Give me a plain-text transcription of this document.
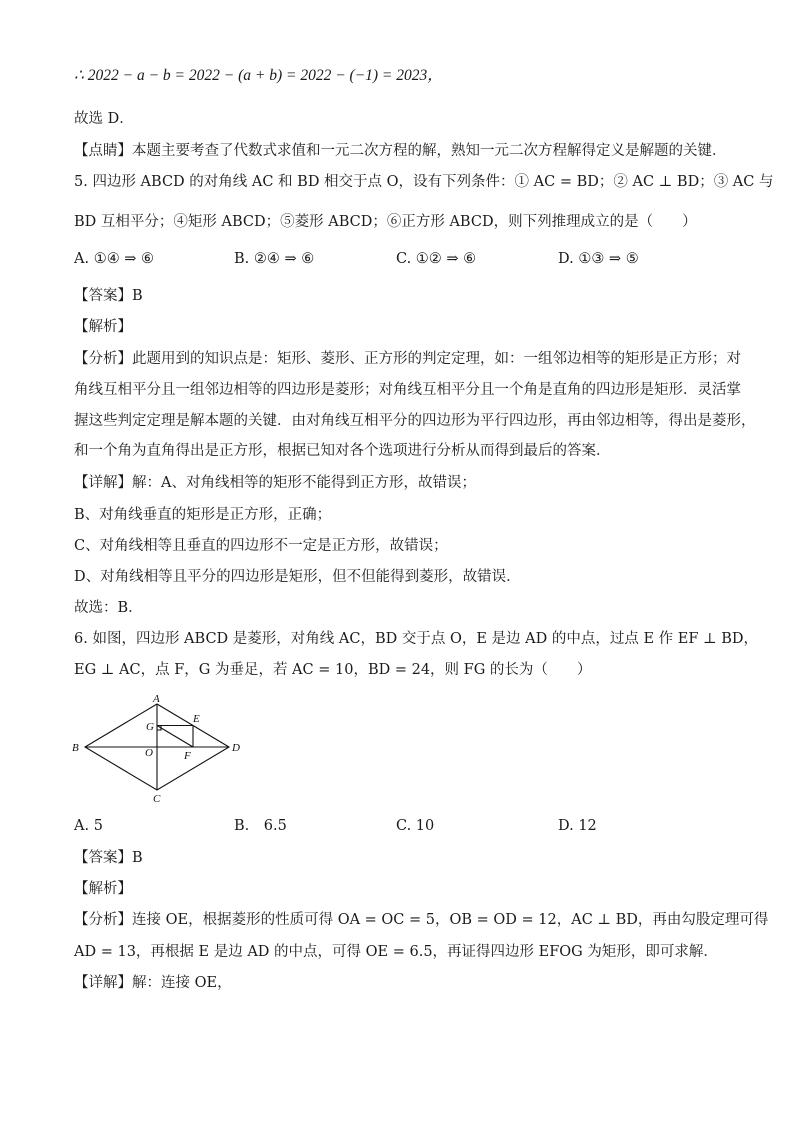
∴ 2022 − a − b = 2022 − (a + b) = 2022 − (−1) = 2023，
故选 D．
【点睛】本题主要考查了代数式求值和一元二次方程的解，熟知一元二次方程解得定义是解题的关键．
5. 四边形 ABCD 的对角线 AC 和 BD 相交于点 O，设有下列条件：① AC = BD；② AC ⊥ BD；③ AC 与
BD 互相平分；④矩形 ABCD；⑤菱形 ABCD；⑥正方形 ABCD，则下列推理成立的是（　　）
A. ①④ ⇒ ⑥	B. ②④ ⇒ ⑥	C. ①② ⇒ ⑥	D. ①③ ⇒ ⑤
【答案】B
【解析】
【分析】此题用到的知识点是：矩形、菱形、正方形的判定定理，如：一组邻边相等的矩形是正方形；对
角线互相平分且一组邻边相等的四边形是菱形；对角线互相平分且一个角是直角的四边形是矩形．灵活掌
握这些判定定理是解本题的关键．由对角线互相平分的四边形为平行四边形，再由邻边相等，得出是菱形，
和一个角为直角得出是正方形，根据已知对各个选项进行分析从而得到最后的答案．
【详解】解：A、对角线相等的矩形不能得到正方形，故错误；
B、对角线垂直的矩形是正方形，正确；
C、对角线相等且垂直的四边形不一定是正方形，故错误；
D、对角线相等且平分的四边形是矩形，但不但能得到菱形，故错误．
故选：B．
6. 如图，四边形 ABCD 是菱形，对角线 AC，BD 交于点 O，E 是边 AD 的中点，过点 E 作 EF ⊥ BD，
EG ⊥ AC，点 F，G 为垂足，若 AC = 10，BD = 24，则 FG 的长为（　　）
A
B
C
D
O
E
F
G
A. 5	B.　6.5	C. 10	D. 12
【答案】B
【解析】
【分析】连接 OE，根据菱形的性质可得 OA = OC = 5，OB = OD = 12，AC ⊥ BD，再由勾股定理可得
AD = 13，再根据 E 是边 AD 的中点，可得 OE = 6.5，再证得四边形 EFOG 为矩形，即可求解．
【详解】解：连接 OE，
